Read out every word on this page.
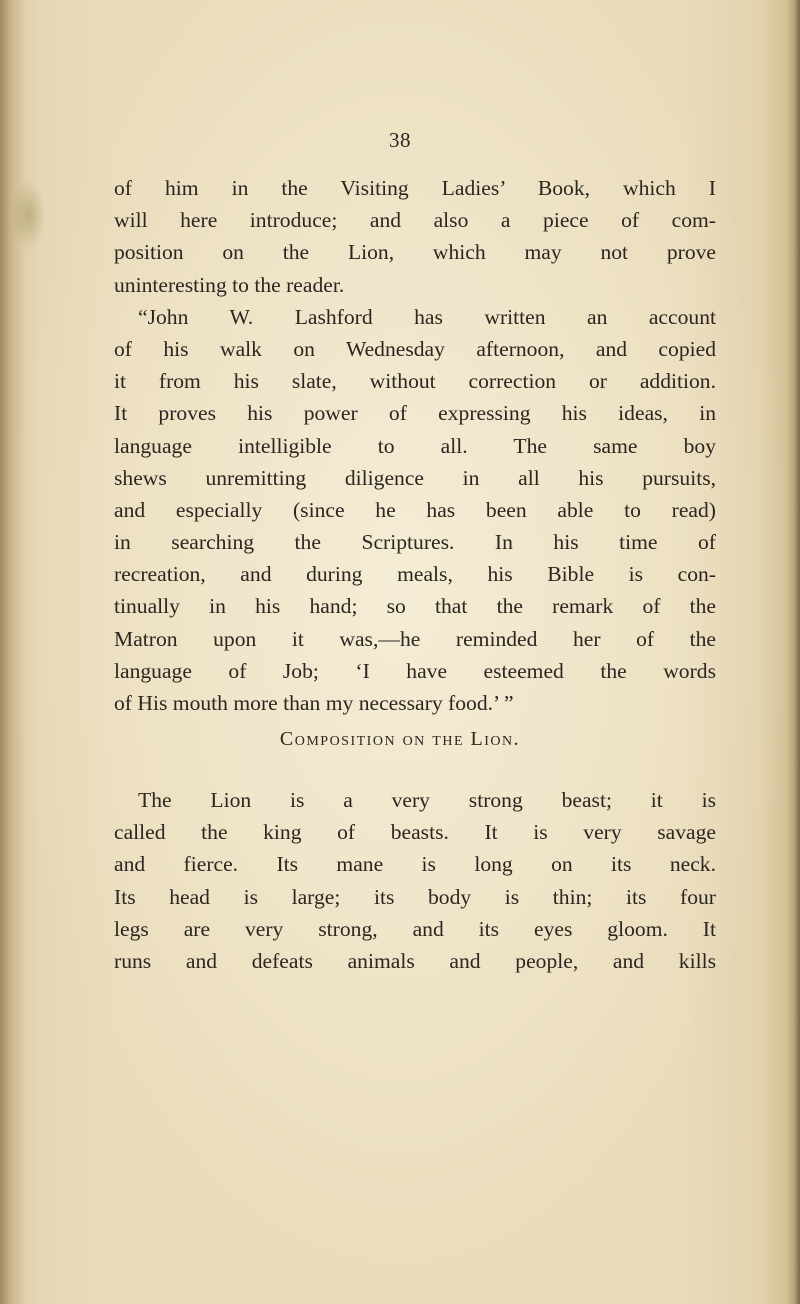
38
of him in the Visiting Ladies’ Book, which I
will here introduce; and also a piece of com-
position on the Lion, which may not prove
uninteresting to the reader.
“John W. Lashford has written an account
of his walk on Wednesday afternoon, and copied
it from his slate, without correction or addition.
It proves his power of expressing his ideas, in
language intelligible to all. The same boy
shews unremitting diligence in all his pursuits,
and especially (since he has been able to read)
in searching the Scriptures. In his time of
recreation, and during meals, his Bible is con-
tinually in his hand; so that the remark of the
Matron upon it was,—he reminded her of the
language of Job; ‘I have esteemed the words
of His mouth more than my necessary food.’ ”
Composition on the Lion.
The Lion is a very strong beast; it is
called the king of beasts. It is very savage
and fierce. Its mane is long on its neck.
Its head is large; its body is thin; its four
legs are very strong, and its eyes gloom. It
runs and defeats animals and people, and kills
